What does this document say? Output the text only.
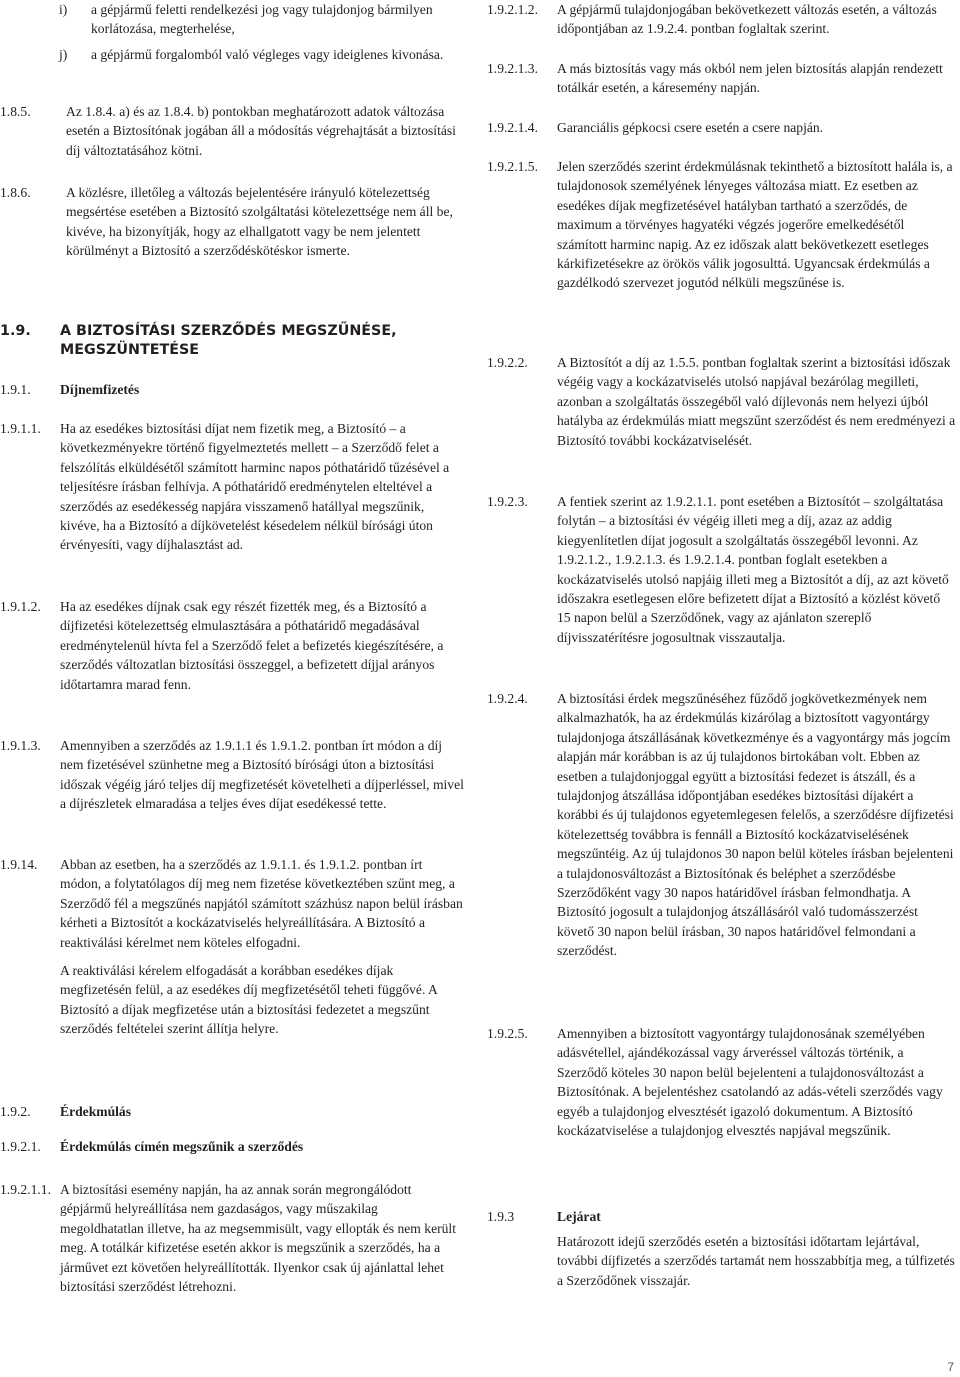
i) a gépjármű feletti rendelkezési jog vagy tulajdonjog bármilyen korlátozása, megterhelése,

j) a gépjármű forgalomból való végleges vagy ideiglenes kivonása.

1.8.5.	Az 1.8.4. a) és az 1.8.4. b) pontokban meghatározott adatok változása esetén a Biztosítónak jogában áll a módosítás végrehajtását a biztosítási díj változtatásához kötni.

1.8.6.	A közlésre, illetőleg a változás bejelentésére irányuló kötelezettség megsértése esetében a Biztosító szolgáltatási kötelezettsége nem áll be, kivéve, ha bizonyítják, hogy az elhallgatott vagy be nem jelentett körülményt a Biztosító a szerződéskötéskor ismerte.

1.9. A BIZTOSÍTÁSI SZERZŐDÉS MEGSZŰNÉSE, MEGSZÜNTETÉSE

1.9.1. Díjnemfizetés

1.9.1.1. Ha az esedékes biztosítási díjat nem fizetik meg, a Biztosító – a következményekre történő figyelmeztetés mellett – a Szerződő felet a felszólítás elküldésétől számított harminc napos póthatáridő tűzésével a teljesítésre írásban felhívja. A póthatáridő eredménytelen elteltével a szerződés az esedékesség napjára visszamenő hatállyal megszűnik, kivéve, ha a Biztosító a díjkövetelést késedelem nélkül bírósági úton érvényesíti, vagy díjhalasztást ad.

1.9.1.2. Ha az esedékes díjnak csak egy részét fizették meg, és a Biztosító a díjfizetési kötelezettség elmulasztására a póthatáridő megadásával eredménytelenül hívta fel a Szerződő felet a befizetés kiegészítésére, a szerződés változatlan biztosítási összeggel, a befizetett díjjal arányos időtartamra marad fenn.

1.9.1.3. Amennyiben a szerződés az 1.9.1.1 és 1.9.1.2. pontban írt módon a díj nem fizetésével szünhetne meg a Biztosító bírósági úton a biztosítási időszak végéig járó teljes díj megfizetését követelheti a díjperléssel, mivel a díjrészletek elmaradása a teljes éves díjat esedékessé tette.

1.9.14. Abban az esetben, ha a szerződés az 1.9.1.1. és 1.9.1.2. pontban írt módon, a folytatólagos díj meg nem fizetése következtében szűnt meg, a Szerződő fél a megszűnés napjától számított százhúsz napon belül írásban kérheti a Biztosítót a kockázatviselés helyreállítására. A Biztosító a reaktiválási kérelmet nem köteles elfogadni.

A reaktiválási kérelem elfogadását a korábban esedékes díjak megfizetésén felül, a az esedékes díj megfizetésétől teheti függővé. A Biztosító a díjak megfizetése után a biztosítási fedezetet a megszűnt szerződés feltételei szerint állítja helyre.

1.9.2. Érdekmúlás

1.9.2.1. Érdekmúlás címén megszűnik a szerződés

1.9.2.1.1. A biztosítási esemény napján, ha az annak során megrongálódott gépjármű helyreállítása nem gazdaságos, vagy műszakilag megoldhatatlan illetve, ha az megsemmisült, vagy ellopták és nem került meg. A totálkár kifizetése esetén akkor is megszűnik a szerződés, ha a járművet ezt követően helyreállították. Ilyenkor csak új ajánlattal lehet biztosítási szerződést létrehozni.

1.9.2.1.2. A gépjármű tulajdonjogában bekövetkezett változás esetén, a változás időpontjában az 1.9.2.4. pontban foglaltak szerint.

1.9.2.1.3. A más biztosítás vagy más okból nem jelen biztosítás alapján rendezett totálkár esetén, a káresemény napján.

1.9.2.1.4. Garanciális gépkocsi csere esetén a csere napján.

1.9.2.1.5. Jelen szerződés szerint érdekmúlásnak tekinthető a biztosított halála is, a tulajdonosok személyének lényeges változása miatt. Ez esetben az esedékes díjak megfizetésével hatályban tartható a szerződés, de maximum a törvényes hagyatéki végzés jogerőre emelkedésétől számított harminc napig. Az ez időszak alatt bekövetkezett esetleges kárkifizetésekre az örökös válik jogosulttá. Ugyancsak érdekmúlás a gazdélkodó szervezet jogutód nélküli megszűnése is.

1.9.2.2. A Biztosítót a díj az 1.5.5. pontban foglaltak szerint a biztosítási időszak végéig vagy a kockázatviselés utolsó napjával bezárólag megilleti, azonban a szolgáltatás összegéből való díjlevonás nem helyezi újból hatályba az érdekmúlás miatt megszűnt szerződést és nem eredményezi a Biztosító további kockázatviselését.

1.9.2.3. A fentiek szerint az 1.9.2.1.1. pont esetében a Biztosítót – szolgáltatása folytán – a biztosítási év végéig illeti meg a díj, azaz az addig kiegyenlítetlen díjat jogosult a szolgáltatás összegéből levonni. Az 1.9.2.1.2., 1.9.2.1.3. és 1.9.2.1.4. pontban foglalt esetekben a kockázatviselés utolsó napjáig illeti meg a Biztosítót a díj, az azt követő időszakra esetlegesen előre befizetett díjat a Biztosító a közlést követő 15 napon belül a Szerződőnek, vagy az ajánlaton szereplő díjvisszatérítésre jogosultnak visszautalja.

1.9.2.4. A biztosítási érdek megszűnéséhez fűződő jogkövetkezmények nem alkalmazhatók, ha az érdekmúlás kizárólag a biztosított vagyontárgy tulajdonjoga átszállásának következménye és a vagyontárgy más jogcím alapján már korábban is az új tulajdonos birtokában volt. Ebben az esetben a tulajdonjoggal együtt a biztosítási fedezet is átszáll, és a tulajdonjog átszállása időpontjában esedékes biztosítási díjakért a korábbi és új tulajdonos egyetemlegesen felelős, a szerződésre díjfizetési kötelezettség továbbra is fennáll a Biztosító kockázatviselésének megszűntéig. Az új tulajdonos 30 napon belül köteles írásban bejelenteni a tulajdonosváltozást a Biztosítónak és beléphet a szerződésbe Szerződőként vagy 30 napos határidővel írásban felmondhatja. A Biztosító jogosult a tulajdonjog átszállásáról való tudomásszerzést követő 30 napon belül írásban, 30 napos határidővel felmondani a szerződést.

1.9.2.5. Amennyiben a biztosított vagyontárgy tulajdonosának személyében adásvétellel, ajándékozással vagy árveréssel változás történik, a Szerződő köteles 30 napon belül bejelenteni a tulajdonosváltozást a Biztosítónak. A bejelentéshez csatolandó az adás-vételi szerződés vagy egyéb a tulajdonjog elvesztését igazoló dokumentum. A Biztosító kockázatviselése a tulajdonjog elvesztés napjával megszűnik.

1.9.3	Lejárat

Határozott idejű szerződés esetén a biztosítási időtartam lejártával, további díjfizetés a szerződés tartamát nem hosszabbítja meg, a túlfizetés a Szerződőnek visszajár.

7
